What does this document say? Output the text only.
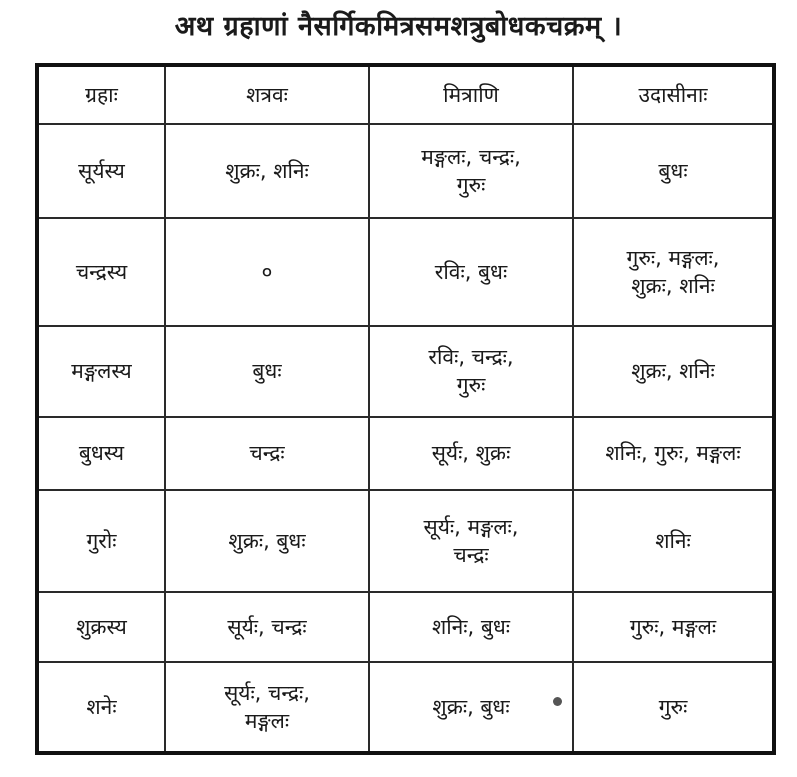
अथ ग्रहाणां नैसर्गिकमित्रसमशत्रुबोधकचक्रम् ।
ग्रहाः	शत्रवः	मित्राणि	उदासीनाः

सूर्यस्य	शुक्रः, शनिः	मङ्गलः, चन्द्रः,
गुरुः	बुधः

चन्द्रस्य	०	रविः, बुधः	गुरुः, मङ्गलः,
शुक्रः, शनिः

मङ्गलस्य	बुधः	रविः, चन्द्रः,
गुरुः	शुक्रः, शनिः

बुधस्य	चन्द्रः	सूर्यः, शुक्रः	शनिः, गुरुः, मङ्गलः

गुरोः	शुक्रः, बुधः	सूर्यः, मङ्गलः,
चन्द्रः	शनिः

शुक्रस्य	सूर्यः, चन्द्रः	शनिः, बुधः	गुरुः, मङ्गलः

शनेः	सूर्यः, चन्द्रः,
मङ्गलः	शुक्रः, बुधः	गुरुः
